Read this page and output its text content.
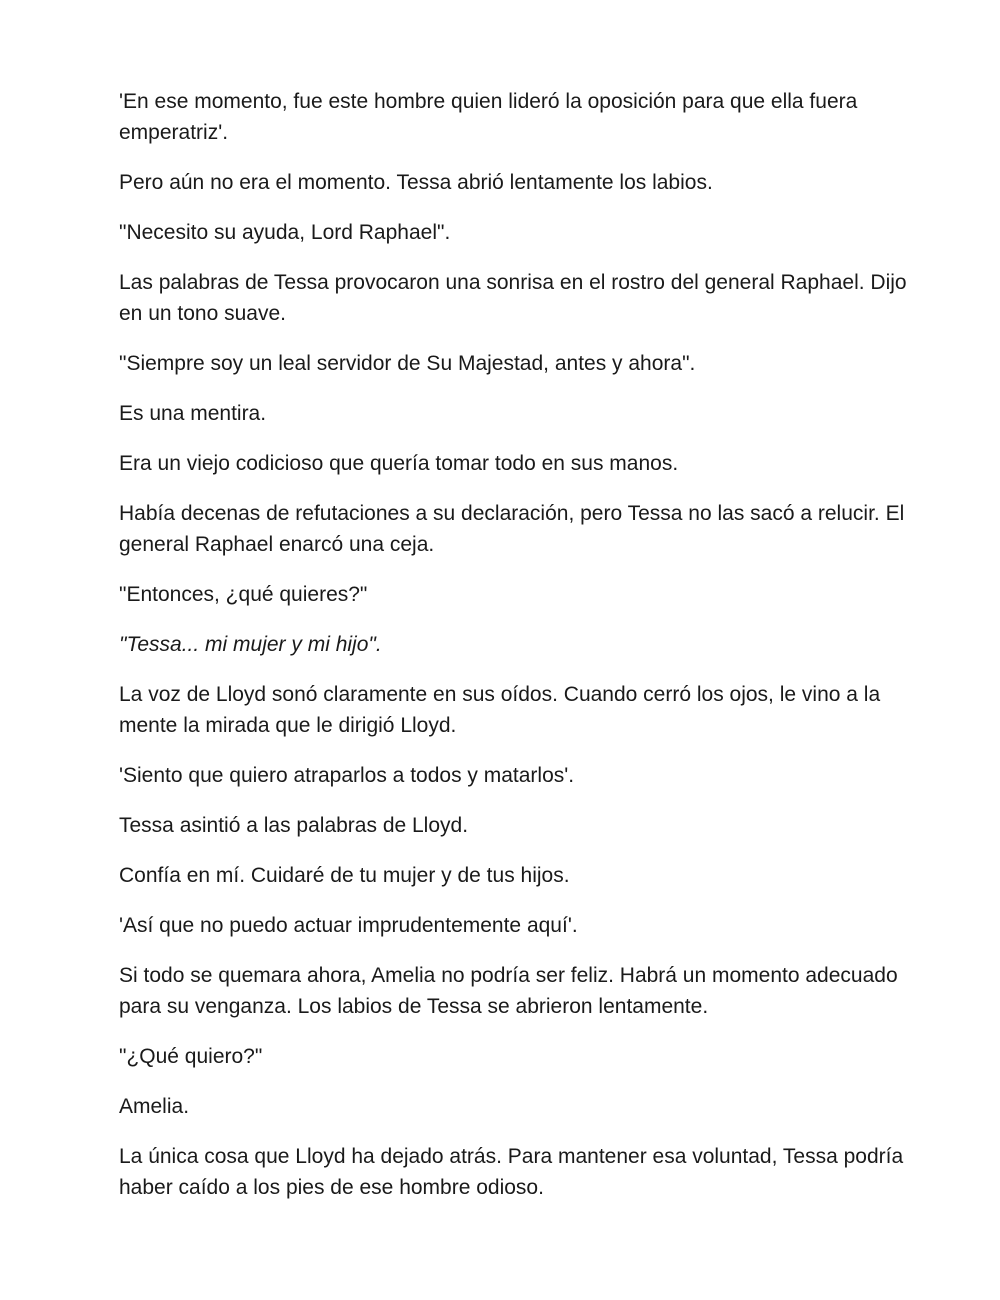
'En ese momento, fue este hombre quien lideró la oposición para que ella fuera emperatriz'.

Pero aún no era el momento. Tessa abrió lentamente los labios.

"Necesito su ayuda, Lord Raphael".

Las palabras de Tessa provocaron una sonrisa en el rostro del general Raphael. Dijo en un tono suave.

"Siempre soy un leal servidor de Su Majestad, antes y ahora".

Es una mentira.

Era un viejo codicioso que quería tomar todo en sus manos.

Había decenas de refutaciones a su declaración, pero Tessa no las sacó a relucir. El general Raphael enarcó una ceja.

"Entonces, ¿qué quieres?"

"Tessa... mi mujer y mi hijo".

La voz de Lloyd sonó claramente en sus oídos. Cuando cerró los ojos, le vino a la mente la mirada que le dirigió Lloyd.

'Siento que quiero atraparlos a todos y matarlos'.

Tessa asintió a las palabras de Lloyd.

Confía en mí. Cuidaré de tu mujer y de tus hijos.

'Así que no puedo actuar imprudentemente aquí'.

Si todo se quemara ahora, Amelia no podría ser feliz. Habrá un momento adecuado para su venganza. Los labios de Tessa se abrieron lentamente.

"¿Qué quiero?"

Amelia.

La única cosa que Lloyd ha dejado atrás. Para mantener esa voluntad, Tessa podría haber caído a los pies de ese hombre odioso.
